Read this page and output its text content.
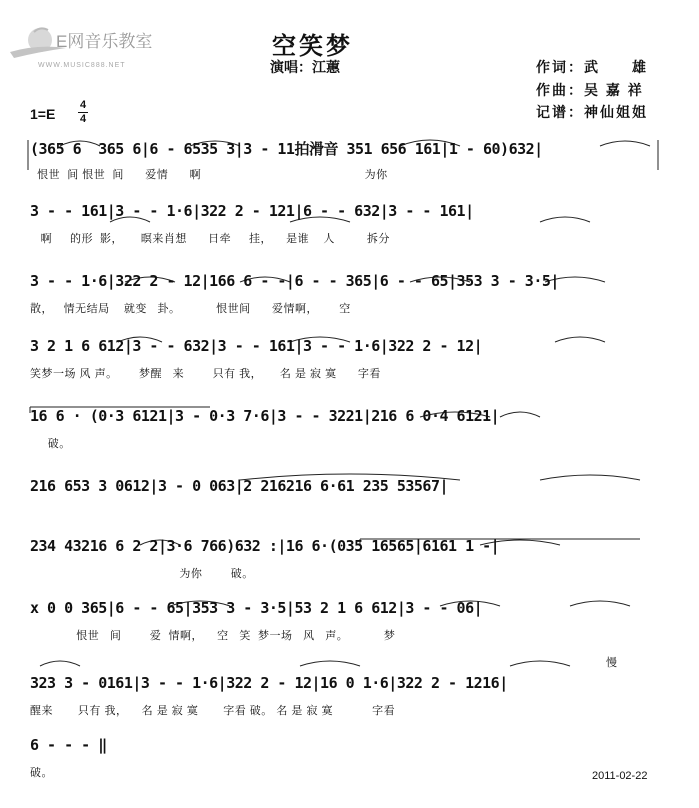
E网音乐教室
WWW.MUSIC888.NET
空笑梦
演唱：江蕙	作词：武　　雄
作曲：吴 嘉 祥
记谱：神仙姐姐
1=E
4
4
(365 6  365 6|6 - 6535 3|3 - 11拍滑音 351 656 161|1 - 60)632|
恨世  间 恨世  间      爱情      啊                                              为你
3 - - 161|3 - - 1·6|322 2 - 121|6 - - 632|3 - - 161|
啊     的形  影，     暝来肖想      日牵     挂，    是谁    人         拆分
3 - - 1·6|322 2 - 12|166 6 - -|6 - - 365|6 - - 65|353 3 - 3·5|
散，   情无结局    就变   卦。          恨世间      爱情啊，      空
3 2 1 6 612|3 - - 632|3 - - 161|3 - - 1·6|322 2 - 12|
笑梦一场 风 声。      梦醒   来        只有 我，     名 是 寂 寞      字看
16 6 · (0·3 6121|3 - 0·3 7·6|3 - - 3221|216 6 0·4 6121|
破。
216 653 3 0612|3 - 0 063|2 216216 6·61 235 53567|
234 43216 6 2 2|3·6 766)632 :|16 6·(035 16565|6161 1 -|
为你        破。
x 0 0 365|6 - - 65|353 3 - 3·5|53 2 1 6 612|3 - - 06|
恨世   间        爱  情啊，    空   笑  梦一场   风   声。          梦
323 3 - 0161|3 - - 1·6|322 2 - 12|16 0 1·6|322 2 - 1216|
醒来       只有 我，    名 是 寂 寞       字看 破。 名 是 寂 寞           字看
慢
6 - - - ‖
破。	2011-02-22
